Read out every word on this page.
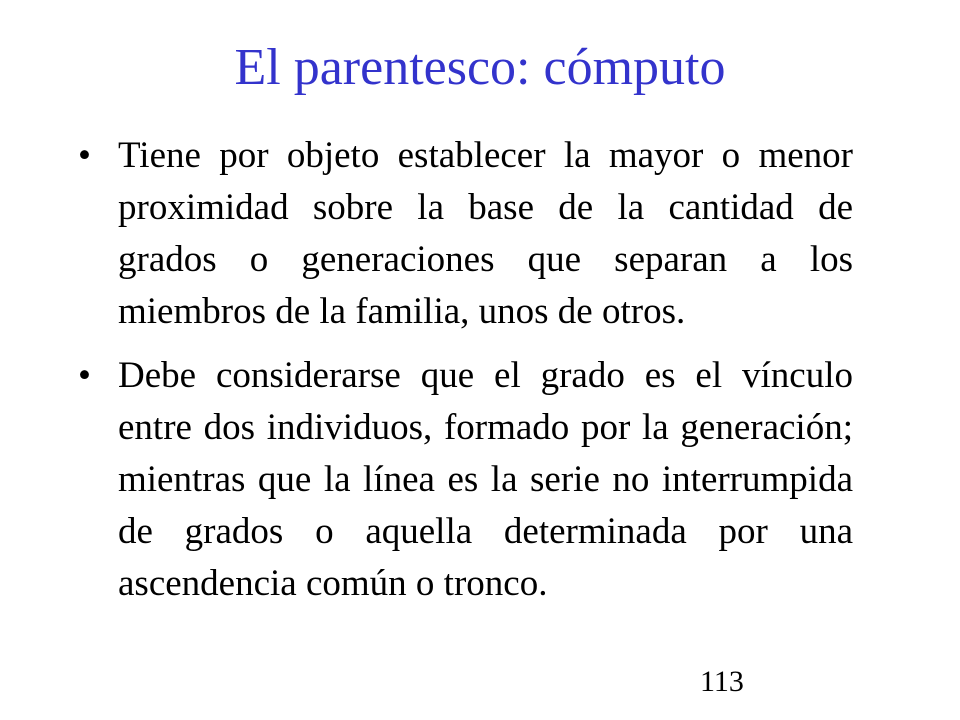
El parentesco: cómputo
• Tiene por objeto establecer la mayor o menor proximidad sobre la base de la cantidad de grados o generaciones que separan a los miembros de la familia, unos de otros.
• Debe considerarse que el grado es el vínculo entre dos individuos, formado por la generación; mientras que la línea es la serie no interrumpida de grados o aquella determinada por una ascendencia común o tronco.
113
